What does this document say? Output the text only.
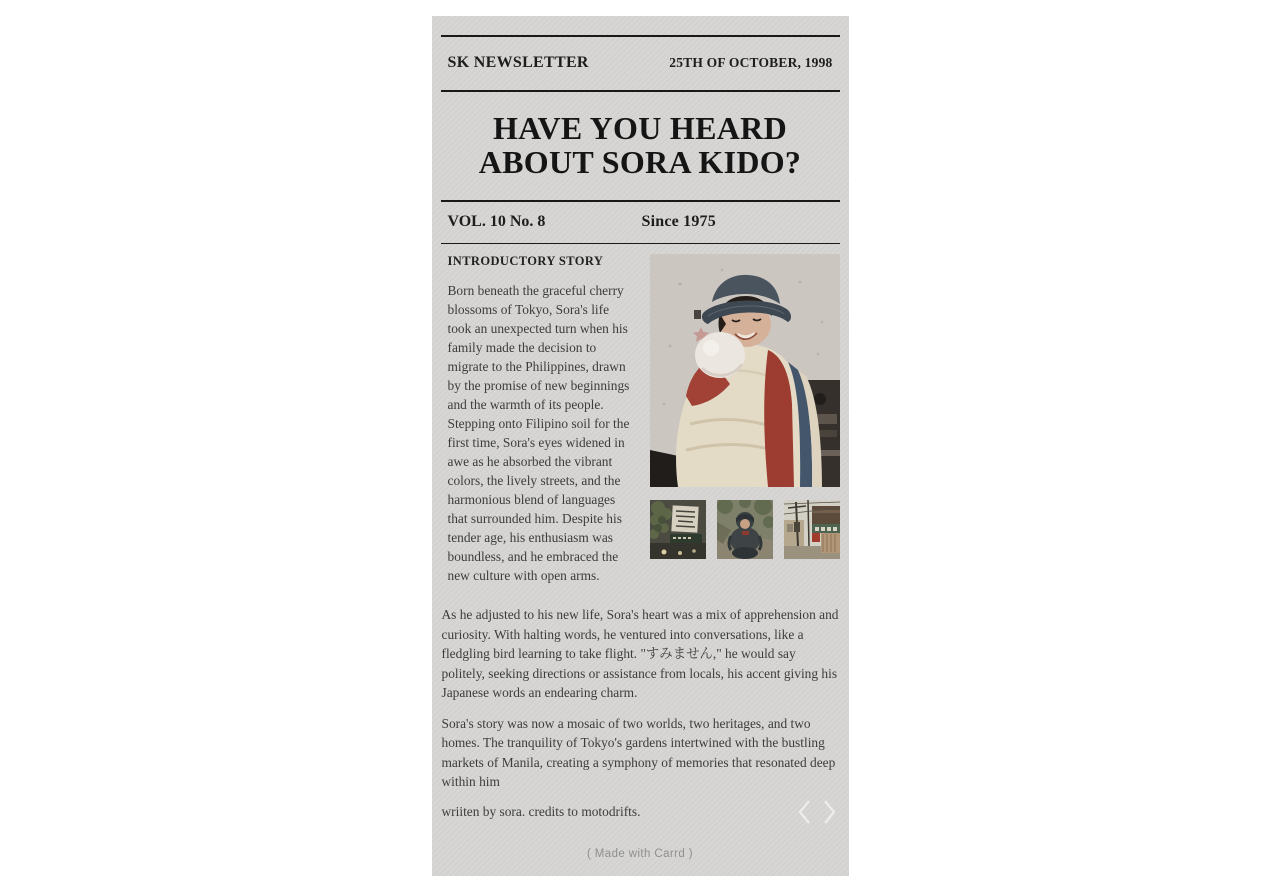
SK NEWSLETTER	25TH OF OCTOBER, 1998
HAVE YOU HEARD
ABOUT SORA KIDO?
VOL. 10 No. 8	Since 1975
INTRODUCTORY STORY

Born beneath the graceful cherry blossoms of Tokyo, Sora's life took an unexpected turn when his family made the decision to migrate to the Philippines, drawn by the promise of new beginnings and the warmth of its people. Stepping onto Filipino soil for the first time, Sora's eyes widened in awe as he absorbed the vibrant colors, the lively streets, and the harmonious blend of languages that surrounded him. Despite his tender age, his enthusiasm was boundless, and he embraced the new culture with open arms.

As he adjusted to his new life, Sora's heart was a mix of apprehension and curiosity. With halting words, he ventured into conversations, like a fledgling bird learning to take flight. "すみません," he would say politely, seeking directions or assistance from locals, his accent giving his Japanese words an endearing charm.

Sora's story was now a mosaic of two worlds, two heritages, and two homes. The tranquility of Tokyo's gardens intertwined with the bustling markets of Manila, creating a symphony of memories that resonated deep within him

wriiten by sora. credits to motodrifts.

( Made with Carrd )
